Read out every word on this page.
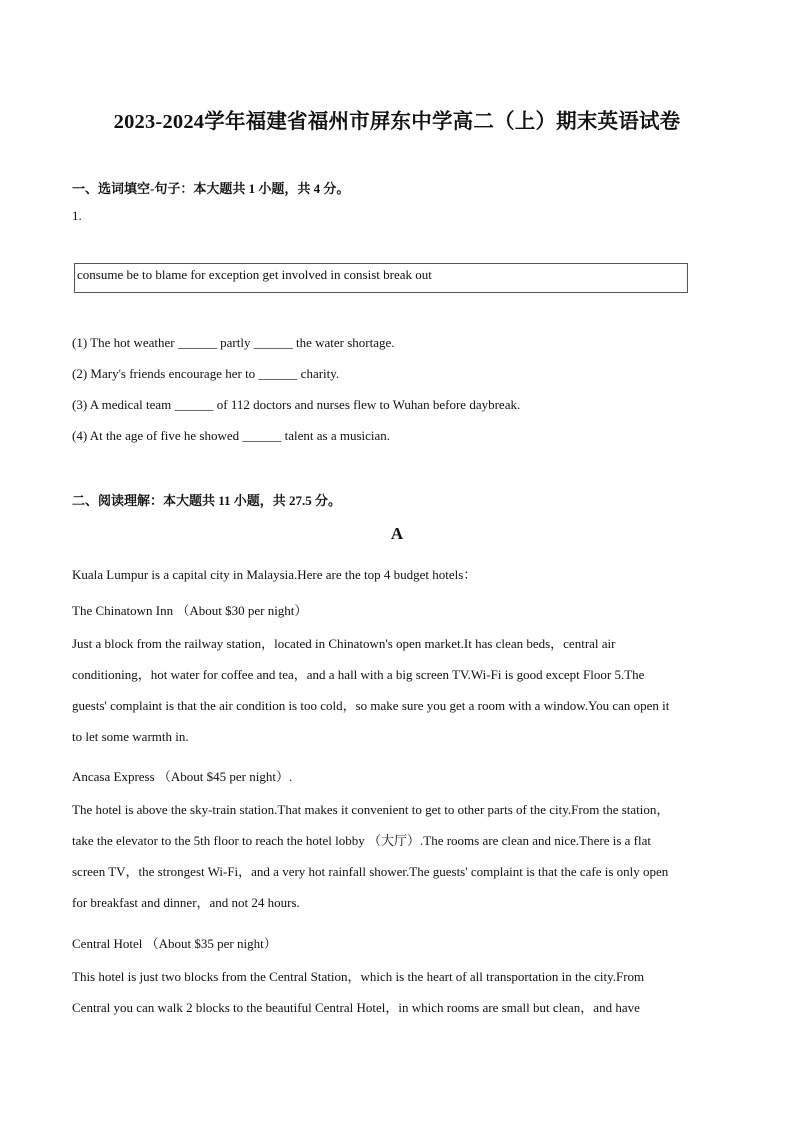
2023-2024学年福建省福州市屏东中学高二（上）期末英语试卷
一、选词填空-句子：本大题共 1 小题，共 4 分。
1.
consume be to blame for exception get involved in consist break out
(1) The hot weather ______ partly ______ the water shortage.
(2) Mary's friends encourage her to ______ charity.
(3) A medical team ______ of 112 doctors and nurses flew to Wuhan before daybreak.
(4) At the age of five he showed ______ talent as a musician.
二、阅读理解：本大题共 11 小题，共 27.5 分。
A
Kuala Lumpur is a capital city in Malaysia.Here are the top 4 budget hotels：
The Chinatown Inn （About $30 per night）
Just a block from the railway station，located in Chinatown's open market.It has clean beds，central air
conditioning，hot water for coffee and tea，and a hall with a big screen TV.Wi-Fi is good except Floor 5.The
guests' complaint is that the air condition is too cold，so make sure you get a room with a window.You can open it
to let some warmth in.
Ancasa Express （About $45 per night）.
The hotel is above the sky-train station.That makes it convenient to get to other parts of the city.From the station，
take the elevator to the 5th floor to reach the hotel lobby （大厅）.The rooms are clean and nice.There is a flat
screen TV，the strongest Wi-Fi，and a very hot rainfall shower.The guests' complaint is that the cafe is only open
for breakfast and dinner，and not 24 hours.
Central Hotel （About $35 per night）
This hotel is just two blocks from the Central Station，which is the heart of all transportation in the city.From
Central you can walk 2 blocks to the beautiful Central Hotel，in which rooms are small but clean，and have
